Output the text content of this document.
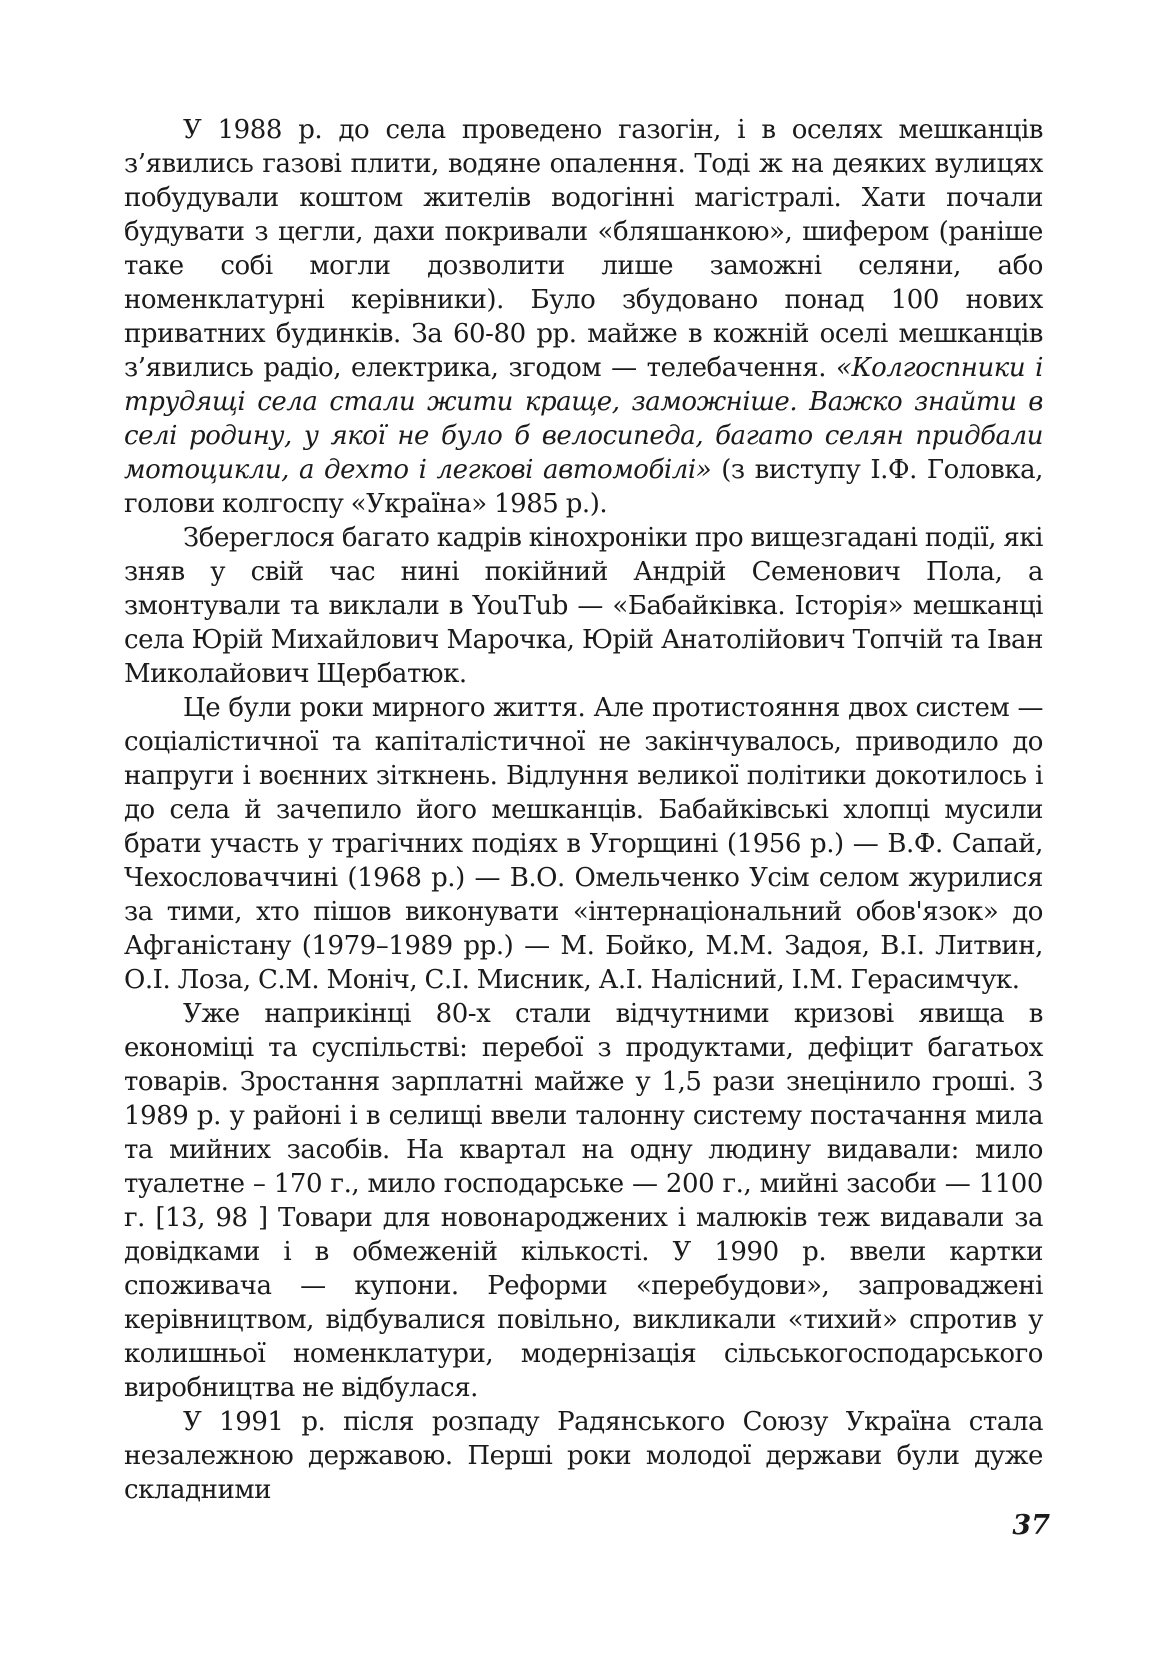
У 1988 р. до села проведено газогін, і в оселях мешканців з’явились газові плити, водяне опалення. Тоді ж на деяких вулицях побудували коштом жителів водогінні магістралі. Хати почали будувати з цегли, дахи покривали «бляшанкою», шифером (раніше таке собі могли дозволити лише заможні селяни, або номенклатурні керівники). Було збудовано понад 100 нових приватних будинків. За 60-80 рр. майже в кожній оселі мешканців з’явились радіо, електрика, згодом — телебачення. «Колгоспники і трудящі села стали жити краще, заможніше. Важко знайти в селі родину, у якої не було б велосипеда, багато селян придбали мотоцикли, а дехто і легкові автомобілі» (з виступу І.Ф. Головка, голови колгоспу «Україна» 1985 р.).

Збереглося багато кадрів кінохроніки про вищезгадані події, які зняв у свій час нині покійний Андрій Семенович Пола, а змонтували та виклали в YouTub — «Бабайківка. Історія» мешканці села Юрій Михайлович Марочка, Юрій Анатолійович Топчій та Іван Миколайович Щербатюк.

Це були роки мирного життя. Але протистояння двох систем — соціалістичної та капіталістичної не закінчувалось, приводило до напруги і воєнних зіткнень. Відлуння великої політики докотилось і до села й зачепило його мешканців. Бабайківські хлопці мусили брати участь у трагічних подіях в Угорщині (1956 р.) — В.Ф. Сапай, Чехословаччині (1968 р.) — В.О. Омельченко Усім селом журилися за тими, хто пішов виконувати «інтернаціональний обов'язок» до Афганістану (1979–1989 рр.) — М. Бойко, М.М. Задоя, В.І. Литвин, О.І. Лоза, С.М. Моніч, С.І. Мисник, А.І. Налісний, І.М. Герасимчук.

Уже наприкінці 80-х стали відчутними кризові явища в економіці та суспільстві: перебої з продуктами, дефіцит багатьох товарів. Зростання зарплатні майже у 1,5 рази знецінило гроші. З 1989 р. у районі і в селищі ввели талонну систему постачання мила та мийних засобів. На квартал на одну людину видавали: мило туалетне – 170 г., мило господарське — 200 г., мийні засоби — 1100 г. [13, 98 ] Товари для новонароджених і малюків теж видавали за довідками і в обмеженій кількості. У 1990 р. ввели картки споживача — купони. Реформи «перебудови», запроваджені керівництвом, відбувалися повільно, викликали «тихий» спротив у колишньої номенклатури, модернізація сільськогосподарського виробництва не відбулася.

У 1991 р. після розпаду Радянського Союзу Україна стала незалежною державою. Перші роки молодої держави були дуже складними

37
